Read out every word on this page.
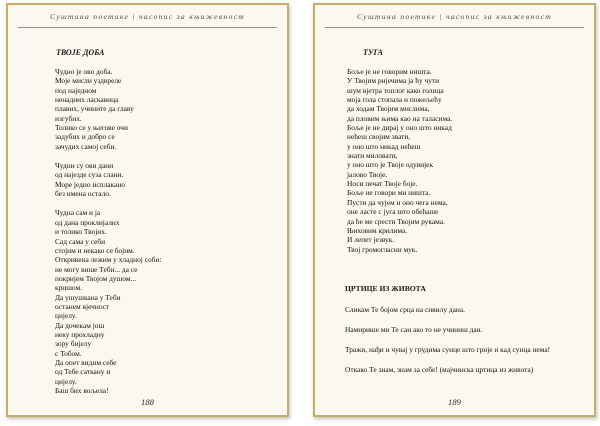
Суштина поетике | часопис за књижевност
ТВОЈЕ ДОБА
Чудно је ово доба.
Моје мисли уздвреле
под наједном
ненадних ласкавица
плавих, учините да главу
изгубих.
Толико се у његове очи
задубих и добро се
зачудих самој себи.
Чудни су ови дани
од најезде суза слани.
Море једно исплакано
без имена остало.
Чудна сам и ја
од дана проклијалих
и толико Твојих.
Сад сама у себи
стојим и некако се бојим.
Откривена лежим у хладној соби:
не могу више Теби... да се
покријем Твојом душом...
кришом.
Да ушушкана у Теби
останем вјечност
цијелу.
Да дочекам још
неку прохладну
зору бијелу
с Тобом.
Да опет видим себе
од Тебе саткану и
цијелу.
Баш бих вољела!
188
Суштина поетике | часопис за књижевност
ТУГА
Боље је не говорим ништа.
У Твојим ријечима ја ћу чути
шум вјетра топлог како голица
моја гола стопала и пожељећу
да ходам Твојим мислима,
да пловим њима као на таласима.
Боље је не дирај у оно што никад
нећеш својим звати,
у оно што никад нећеш
знати миловати,
у оно што је Твоје одувијек
јалово Твоје.
Носи печат Твоје боје.
Боље не говори ми ништа.
Пусти да чујем и оно чега нема,
оне ласте с југа што обећаше
да ће ме срести Твојим рукама.
Њиховим крилима.
И лепет језвук.
Твој громогласни мук.
ЦРТИЦЕ ИЗ ЖИВОТА

Сликам Те бојом срца на сивилу дана.

Намирише ми Те сан ако то не учиниш дан.

Тражи, нађи и чувај у грудима сунце што грије и кад сунца нема!

Откако Те знам, знам за себе! (мајчинска цртица из живота)

189
